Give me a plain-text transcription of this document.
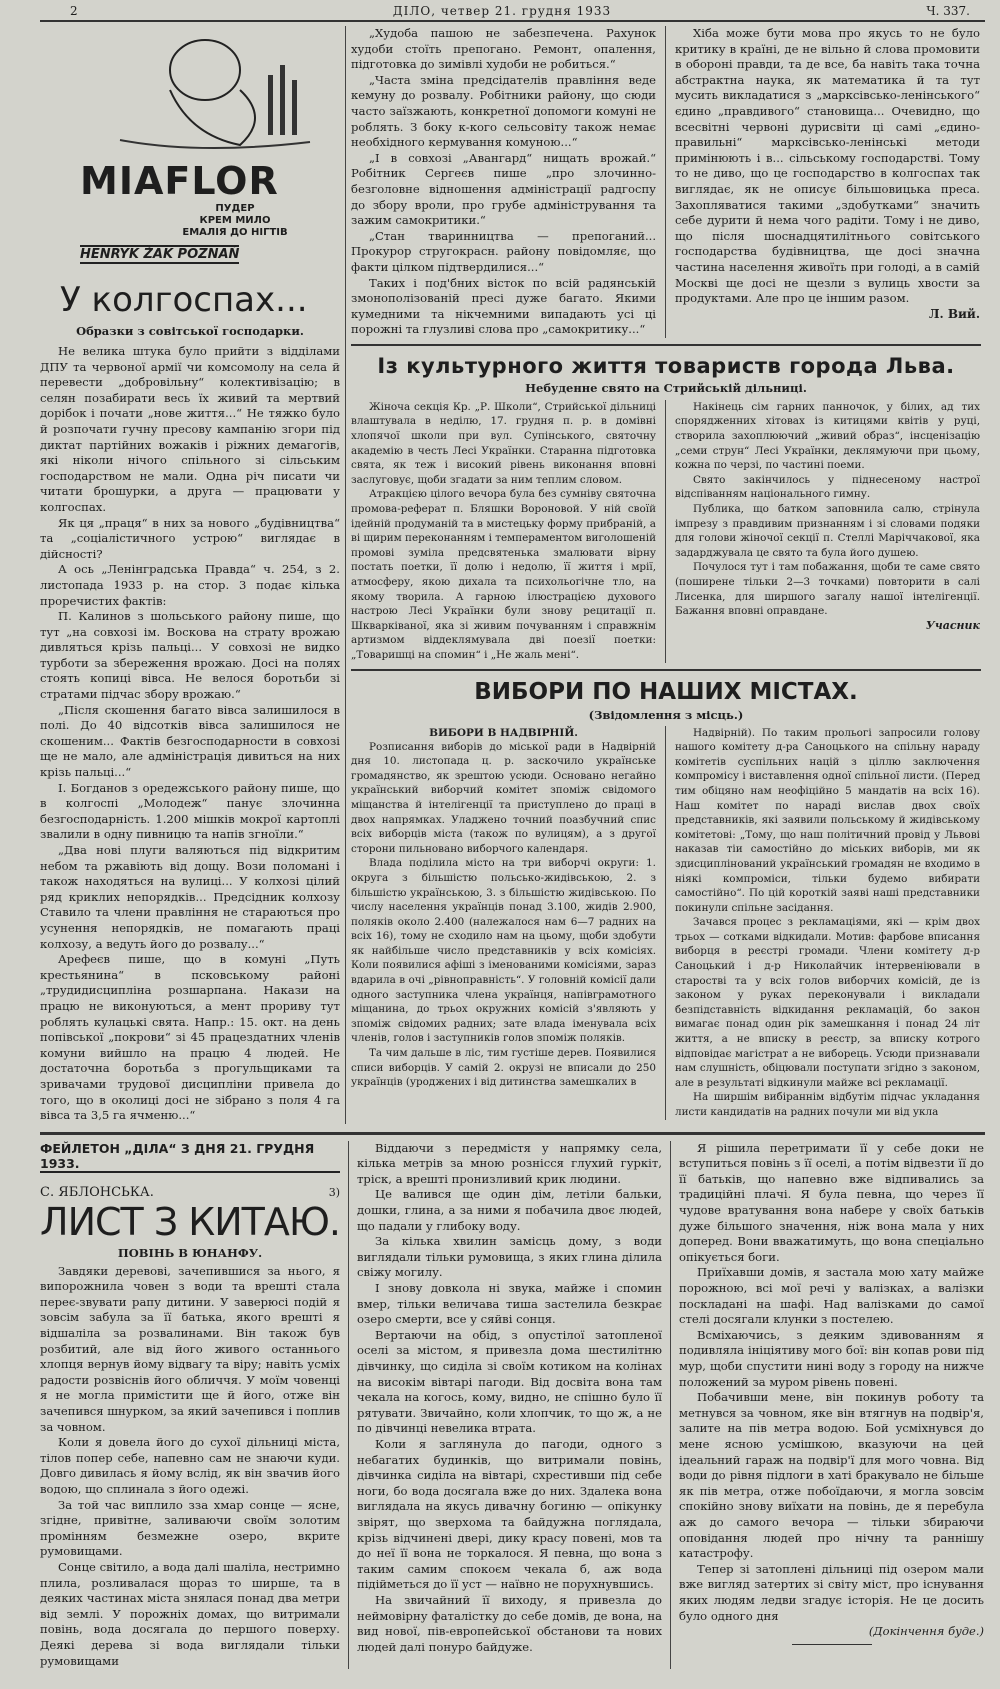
2	ДІЛО, четвер 21. грудня 1933	Ч. 337.
MIAFLOR
ПУДЕР
КРЕМ МИЛО
ЕМАЛІЯ ДО НІГТІВ
HENRYK ŻAK POZNAŃ
У колгоспах...
Образки з совітської господарки.

Не велика штука було прийти з відділами ДПУ та червоної армії чи комсомолу на села й перевести „добровільну“ колективізацію; в селян позабирати весь їх живий та мертвий дорібок і почати „нове життя...“ Не тяжко було й розпочати гучну пресову кампанію згори під диктат партійних вожаків і ріжних демагогів, які ніколи нічого спільного зі сільським господарством не мали. Одна річ писати чи читати брошурки, а друга — працювати у колгоспах.

Як ця „праця“ в них за нового „будівництва“ та „соціалістичного устрою“ виглядає в дійсності?

А ось „Ленінградська Правда“ ч. 254, з 2. листопада 1933 р. на стор. 3 подає кілька проречистих фактів:

П. Калинов з шольського району пише, що тут „на совхозі ім. Воскова на страту врожаю дивляться крізь пальці... У совхозі не видко турботи за збереження врожаю. Досі на полях стоять копиці вівса. Не велося боротьби зі стратами підчас збору врожаю.“

„Після скошення багато вівса залишилося в полі. До 40 відсотків вівса залишилося не скошеним... Фактів безгосподарности в совхозі ще не мало, але адміністрація дивиться на них крізь пальці...“

І. Богданов з оредежського району пише, що в колгоспі „Молодеж“ панує злочинна безгосподарність. 1.200 мішків мокрої картоплі звалили в одну пивницю та напів згноїли.“

„Два нові плуги валяються під відкритим небом та ржавіють від дощу. Вози поломані і також находяться на вулиці... У колхозі цілий ряд криклих непорядків... Предсідник колхозу Ставило та члени правління не стараються про усунення непорядків, не помагають праці колхозу, а ведуть його до розвалу...“

Арефеєв пише, що в комуні „Путь крестьянина“ в псковському районі „трудидисципліна розшарпана. Накази на працю не виконуються, а мент прориву тут роблять кулацькі свята. Напр.: 15. окт. на день попівської „покрови“ зі 45 працездатних членів комуни вийшло на працю 4 людей. Не достаточна боротьба з прогульщиками та зривачами трудової дисципліни привела до того, що в околиці досі не зібрано з поля 4 га вівса та 3,5 га ячменю...“

„Худоба пашою не забезпечена. Рахунок худоби стоїть препогано. Ремонт, опалення, підготовка до зимівлі худоби не робиться.“

„Часта зміна предсідателів правління веде кемуну до розвалу. Робітники району, що сюди часто заїзжають, конкретної допомоги комуні не роблять. З боку к-кого сельсовіту також немає необхідного кермування комуною...“

„І в совхозі „Авангард“ нищать врожай.“ Робітник Сергеєв пише „про злочинно-безголовне відношення адміністрації радгоспу до збору вроли, про грубе адміністрування та зажим самокритики.“

„Стан тваринництва — препоганий... Прокурор стругокрасн. району повідомляє, що факти цілком підтвердилися...“

Таких і под'бних вісток по всій радянській змонополізованій пресі дуже багато. Якими кумедними та нікчемними випадають усі ці порожні та глузливі слова про „самокритику...“

Хіба може бути мова про якусь то не було критику в країні, де не вільно й слова промовити в обороні правди, та де все, бa навіть така точна абстрактна наука, як математика й та тут мусить викладатися з „марксівсько-ленінського“ єдино „правдивого“ становища... Очевидно, що всесвітні червоні дурисвіти ці самі „єдино-правильні“ марксівсько-ленінські методи примінюють і в... сільському господарстві. Тому то не диво, що це господарство в колгоспах так виглядає, як не описує більшовицька преса. Захопляватися такими „здобутками“ значить себе дурити й нема чого радіти. Тому і не диво, що після шоснадцятилітнього совітського господарства будівництва, ще досі значна частина населення живоїть при голоді, а в самій Москві ще досі не щезли з вулиць хвости за продуктами. Але про це іншим разом.

Л. Вий.
Із культурного життя товариств города Льва.
Небуденне свято на Стрийській дільниці.

Жіноча секція Кр. „Р. Школи“, Стрийської дільниці влаштувала в неділю, 17. грудня п. р. в домівні хлопячої школи при вул. Супінського, святочну академію в честь Лесі Українки. Старанна підготовка свята, як теж і високий рівень виконання вповні заслуговує, щоби згадати за ним теплим словом.

Атракцією цілого вечора була без сумніву святочна промова-реферат п. Бляшки Вороновой. У ній своїй ідейній продуманій та в мистецьку форму прибраній, а ві щирим переконанням і темпераментом виголошеній промові зуміла предсвятенька змалювати вірну постать поетки, її долю і недолю, її життя і мрії, атмосферу, якою дихала та психольогічне тло, на якому творила. А гарною ілюстрацією духового настрою Лесі Українки були знову рецитації п. Шкварківаної, яка зі живим почуванням і справжнім артизмом віддеклямувала дві поезії поетки: „Товаришці на спомин“ і „Не жаль мені“.

Накінець сім гарних панночок, у білих, ад тих спорядженних хітоваx із китицями квітів у руці, створила захоплюючий „живий образ“, інсценізацію „семи струн“ Лесі Українки, деклямуючи при цьому, кожна по черзі, по частині поеми.

Свято закінчилось у піднесеному настрої відспіванням національного гимну.

Публика, що батком заповнила салю, стрінула імпрезу з правдивим признанням і зі словами подяки для голови жіночої секції п. Стеллі Маріччакової, яка задарджувала це свято та була його душею.

Почулося тут і там побажання, щоби те саме свято (поширене тільки 2—3 точками) повторити в салі Лисенка, для ширшого загалу нашої інтелігенції. Бажання вповні оправдане.

Учасник
ВИБОРИ ПО НАШИХ МІСТАХ.
(Звідомлення з місць.)
ВИБОРИ В НАДВІРНІЙ.

Розписання виборів до міської ради в Надвірній дня 10. листопада ц. р. заскочило українське громадянство, як зрештою усюди. Основано негайно український виборчий комітет зпоміж свідомого міщанства й інтелігенції та приступлено до праці в двох напрямках. Уладжено точний поазбучний спис всіх виборців міста (також по вулицям), а з другої сторони пильновано виборчого календаря.

Влада поділила місто на три виборчі округи: 1. округа з більшістю польсько-жидівською, 2. з більшістю українською, 3. з більшістю жидівською. По числу населення українців понад 3.100, жидів 2.900, поляків около 2.400 (належалося нам 6—7 радних на всіх 16), тому не сходило нам на цьому, щоби здобути як найбільше число представників у всіх комісіях. Коли появилися афіші з іменованими комісіями, зараз вдарила в очі „рівноправність“. У головній комісії дали одного заступника члена українця, напівграмотного міщанина, до трьох окружних комісій з'являють у зпоміж свідомих радних; зате влада іменувала всіх членів, голов і заступників голов зпоміж поляків.

Та чим дальше в ліс, тим густіше дерев. Появилися списи виборців. У самій 2. окрузі не вписали до 250 українців (уроджених і від дитинства замешкалих в

Надвірній). По таким прольогі запросили голову нашого комітету д-ра Саноцького на спільну нараду комітетів суспільних націй з ціллю заключення компромісу і виставлення одної спільної листи. (Перед тим обіцяно нам неофіційно 5 мандатів на всіх 16). Наш комітет по нараді вислав двох своїх представників, які заявили польському й жидівському комітетові: „Тому, що наш політичний провід у Львові наказав тіи самостійно до міських виборів, ми як здисциплінований український громадян не входимо в ніякі компроміси, тільки будемо вибирати самостійно“. По цій короткій заяві наші представники покинули спільне засідання.

Зачався процес з рекламаціями, які — крім двох трьох — сотками відкидали. Мотив: фарбове вписання виборця в реєстрі громади. Члени комітету д-р Саноцький і д-р Николайчик інтервеніювали в старостві та у всіх голов виборчих комісій, де із законом у руках переконували і викладали безпідставність відкидання рекламацій, бо закон вимагає понад один рік замешкання і понад 24 літ життя, а не вписку в реєстр, за вписку котрого відповідає магістрат а не виборець. Усюди признавали нам слушність, обіцювали поступати згідно з законом, але в результаті відкинули майже всі рекламації.

На ширшім вибіраннім відбутім підчас укладання листи кандидатів на радних почули ми від укла

ФЕЙЛЕТОН „ДІЛА“ З ДНЯ 21. ГРУДНЯ 1933.
С. ЯБЛОНСЬКА.	3)
ЛИСТ З КИТАЮ.
ПОВІНЬ В ЮНАНФУ.

Завдяки деревові, зачепившися за нього, я випорожнила човен з води та врешті стала переє-звувати рапу дитини. У заверюсі подій я зовсім забула за її батька, якого врешті я відшаліла за розвалинами. Він також був розбитий, але від його живого останнього хлопця вернув йому відвагу та віру; навіть усміх радости розвіснів його обличчя. У моїм човенці я не могла примістити ще й його, отже він зачепився шнурком, за який зачепився і поплив за човном.

Коли я довела його до сухої дільниці міста, тілов попер себе, напевно сам не знаючи куди. Довго дивилась я йому вслід, як він звачив його водою, що сплинала з його одежі.

За той час виплило зза хмар сонце — ясне, згідне, привітне, заливаючи своїм золотим промінням безмежне озеро, вкрите румовищами.

Сонце світило, а вода далі шаліла, нестримно плила, розливалася щораз то ширше, та в деяких частинах міста знялася понад два метри від землі. У порожніх домах, що витримали повінь, вода досягала до першого поверху. Деякі дерева зі вода виглядали тільки румовищами

Віддаючи з передмістя у напрямку села, кілька метрів за мною розніcся глухий гуркіт, тріск, а врешті пронизливий крик людини.

Це валився ще один дім, летіли бальки, дошки, глина, а за ними я побачила двоє людей, що падали у глибоку воду.

За кілька хвилин замісць дому, з води виглядали тільки румовища, з яких глина ділила свіжу могилу.

І знову довкола ні звука, майже і спомин вмер, тільки величава тиша застелила безкрає озеро смерти, все у сяйві сонця.

Вертаючи на обід, з опустілої затопленої оселі за містом, я привезла дома шестилітню дівчинку, що сиділа зі своїм котиком на колінах на високім вівтарі пагоди. Від досвіта вона там чекала на когось, кому, видно, не спішно було її рятувати. Звичайно, коли хлопчик, то що ж, а не по дівчинці невелика втрата.

Коли я заглянула до пагоди, одного з небагатих будинків, що витримали повінь, дівчинка сиділа на вівтарі, схрестивши під себе ноги, бо вода досягала вже до них. Здалека вона виглядала на якусь дивачну богиню — опікунку звірят, що зверхома та байдужна поглядала, крізь відчинені двері, дику красу повені, мов та до неї її вона не торкалося. Я певна, що вона з таким самим спокоєм чекала б, аж вода підійметься до її уст — наївно не порухнувшись.

На звичайний її виходу, я привезла до неймовірну фаталістку до себе домів, де вона, на вид нової, пів-европейської обстанови та нових людей далі понуро байдуже.

Я рішила перетримати її у себе доки не вступиться повінь з її оселі, а потім відвезти її до її батьків, що напевно вже відпивались за традиційні плачі. Я була певна, що через її чудове вратування вона набере у своїх батьків дуже більшого значення, ніж вона мала у них доперед. Вони вважатимуть, що вона спеціально опікується боги.

Приїхавши домів, я застала мою хату майже порожною, всі мої речі у валізках, а валізки поскладані на шафі. Над валізками до самої стелі досягали клунки з постелею.

Всміхаючись, з деяким здивованням я подивляла ініціятиву мого бої: він копав рови під мур, щоби спустити нині воду з городу на нижче положений за муром рівень повені.

Побачивши мене, він покинув роботу та метнувся за човном, яке він втягнув на подвір'я, залите на пів метра водою. Бой усміхнувся до мене ясною усмішкою, вказуючи на цей ідеальний гараж на подвір'ї для мого човна. Від води до рівня підлоги в хаті бракувало не більше як пів метра, отже побоїдаючи, я могла зовсім спокійно знову виїхати на повінь, де я перебула аж до самого вечора — тільки збираючи оповідання людей про нічну та раннішу катастрофу.

Тепер зі затоплені дільниці під озером мали вже вигляд затертих зі світу міст, про існування яких людям ледви згадує історія. Не це досить було одного дня

(Докінчення буде.)
